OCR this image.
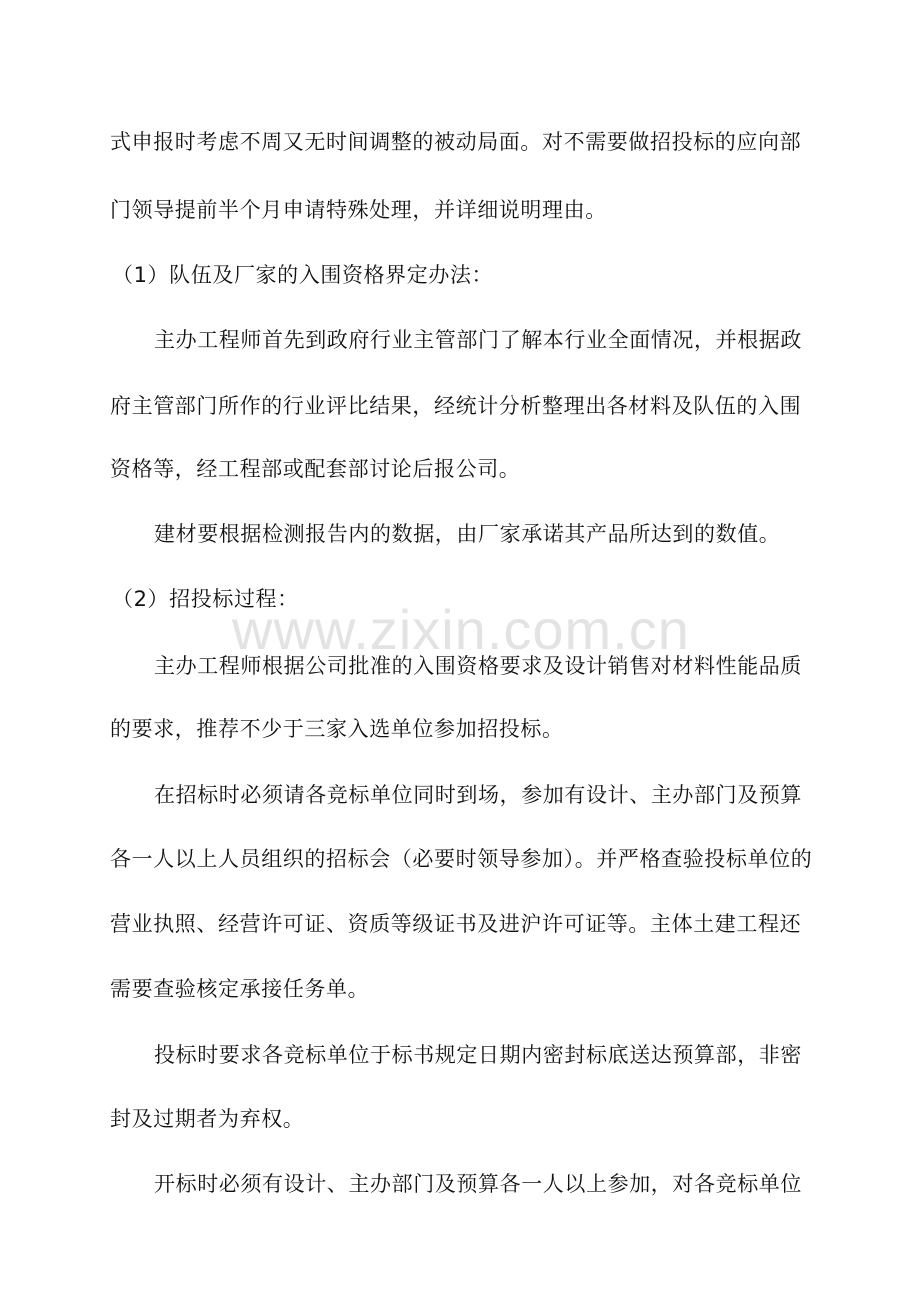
www.zixin.com.cn
式申报时考虑不周又无时间调整的被动局面。对不需要做招投标的应向部
门领导提前半个月申请特殊处理，并详细说明理由。
（1）队伍及厂家的入围资格界定办法：
主办工程师首先到政府行业主管部门了解本行业全面情况，并根据政
府主管部门所作的行业评比结果，经统计分析整理出各材料及队伍的入围
资格等，经工程部或配套部讨论后报公司。
建材要根据检测报告内的数据，由厂家承诺其产品所达到的数值。
（2）招投标过程：
主办工程师根据公司批准的入围资格要求及设计销售对材料性能品质
的要求，推荐不少于三家入选单位参加招投标。
在招标时必须请各竞标单位同时到场，参加有设计、主办部门及预算
各一人以上人员组织的招标会（必要时领导参加）。并严格查验投标单位的
营业执照、经营许可证、资质等级证书及进沪许可证等。主体土建工程还
需要查验核定承接任务单。
投标时要求各竞标单位于标书规定日期内密封标底送达预算部，非密
封及过期者为弃权。
开标时必须有设计、主办部门及预算各一人以上参加，对各竞标单位
